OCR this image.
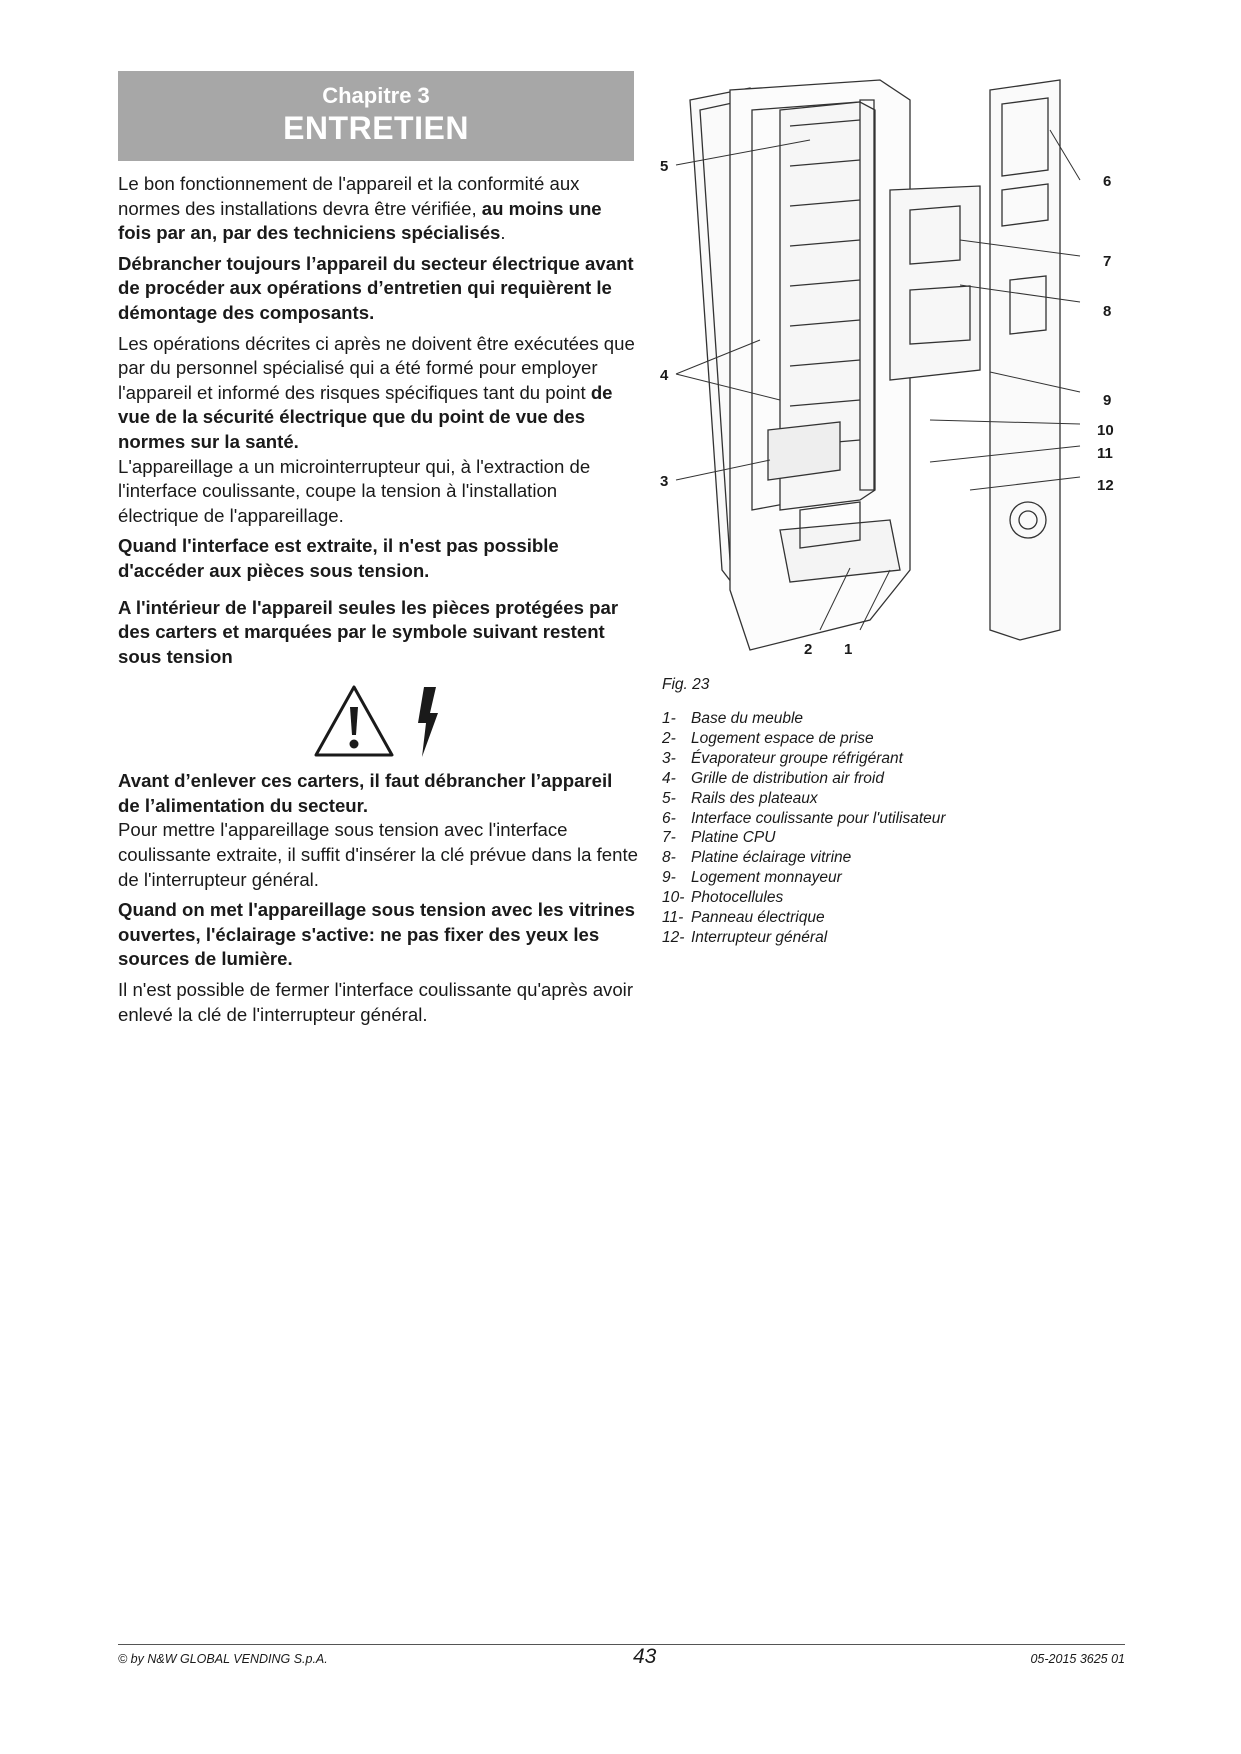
Chapitre 3
ENTRETIEN

Le bon fonctionnement de l'appareil et la conformité aux normes des installations devra être vérifiée, au moins une fois par an, par des techniciens spécialisés.

Débrancher toujours l’appareil du secteur électrique avant de procéder aux opérations d’entretien qui requièrent le démontage des composants.

Les opérations décrites ci après ne doivent être exécutées que par du personnel spécialisé qui a été formé pour employer l'appareil et informé des risques spécifiques tant du point de vue de la sécurité électrique que du point de vue des normes sur la santé.
L'appareillage a un microinterrupteur qui, à l'extraction de l'interface coulissante, coupe la tension à l'installation électrique de l'appareillage.

Quand l'interface est extraite, il n'est pas possible d'accéder aux pièces sous tension.

A l'intérieur de l'appareil seules les pièces protégées par des carters et marquées par le symbole suivant restent sous tension

Avant d’enlever ces carters, il faut débrancher l’appareil de l’alimentation du secteur.
Pour mettre l'appareillage sous tension avec l'interface coulissante extraite, il suffit d'insérer la clé prévue dans la fente de l'interrupteur général.

Quand on met l'appareillage sous tension avec les vitrines ouvertes, l'éclairage s'active: ne pas fixer des yeux les sources de lumière.

Il n'est possible de fermer l'interface coulissante qu'après avoir enlevé la clé de l'interrupteur général.

1
2
3
4
5
6
7
8
9
10
11
12
Fig. 23
1- Base du meuble
2- Logement espace de prise
3- Évaporateur groupe réfrigérant
4- Grille de distribution air froid
5- Rails des plateaux
6- Interface coulissante pour l'utilisateur
7- Platine CPU
8- Platine éclairage vitrine
9- Logement monnayeur
10- Photocellules
11- Panneau électrique
12- Interrupteur général
© by N&W GLOBAL VENDING S.p.A.	43	05-2015 3625 01
